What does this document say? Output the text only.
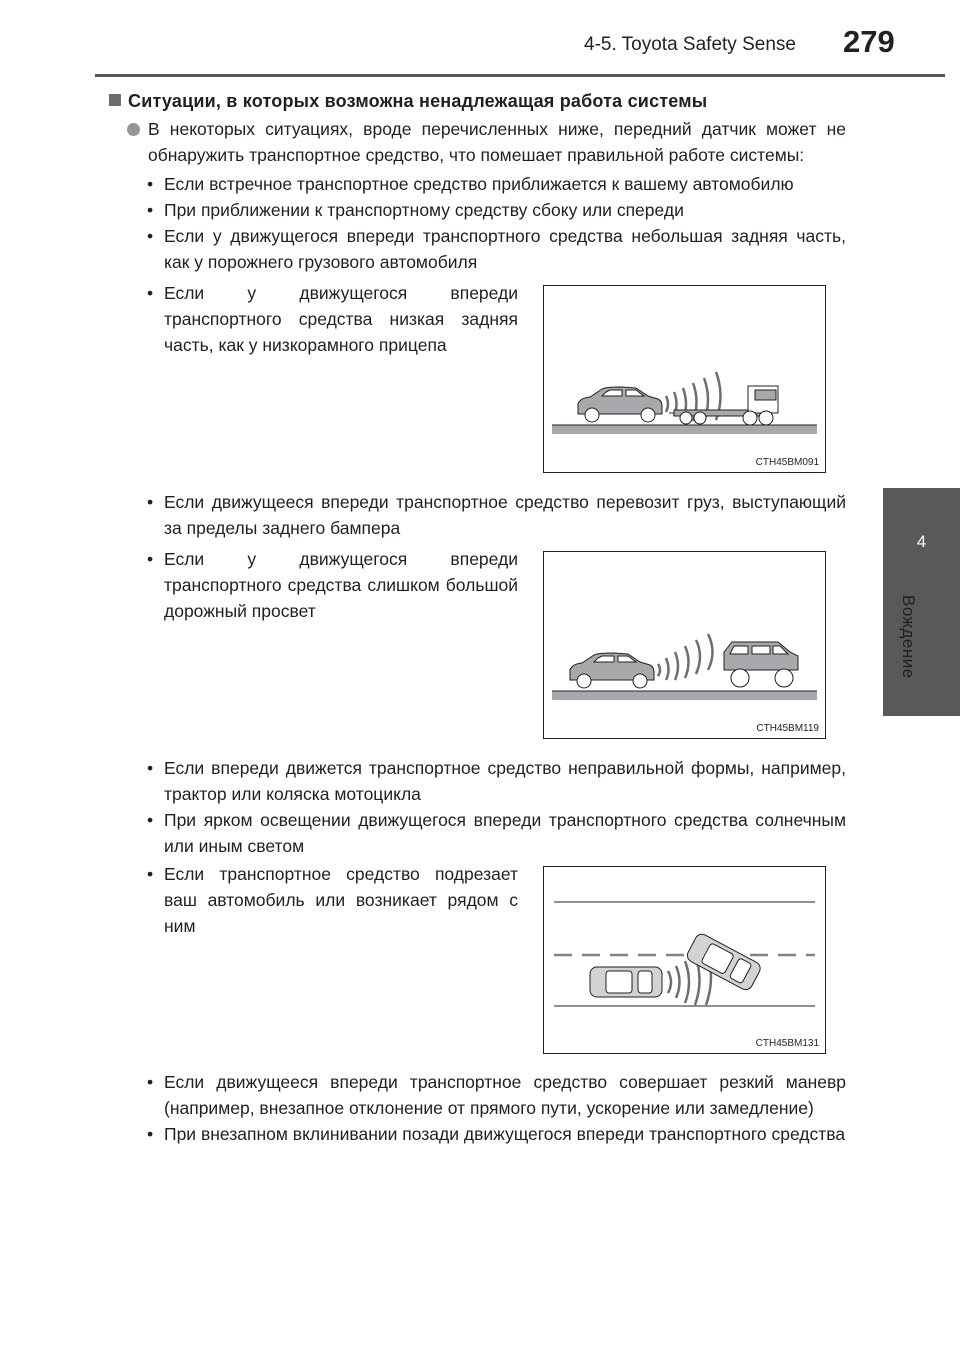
4-5. Toyota Safety Sense 279
4
Вождение
Ситуации, в которых возможна ненадлежащая работа системы

В некоторых ситуациях, вроде перечисленных ниже, передний датчик может не обнаружить транспортное средство, что помешает правильной работе системы:

• Если встречное транспортное средство приближается к вашему автомобилю

• При приближении к транспортному средству сбоку или спереди

• Если у движущегося впереди транспортного средства небольшая задняя часть, как у порожнего грузового автомобиля

• Если у движущегося впереди транспортного средства низкая задняя часть, как у низкорамного прицепа

CTH45BM091

• Если движущееся впереди транспортное средство перевозит груз, выступающий за пределы заднего бампера

• Если у движущегося впереди транспортного средства слишком большой дорожный просвет

CTH45BM119

• Если впереди движется транспортное средство неправильной формы, например, трактор или коляска мотоцикла

• При ярком освещении движущегося впереди транспортного средства солнечным или иным светом

• Если транспортное средство подрезает ваш автомобиль или возникает рядом с ним

CTH45BM131

• Если движущееся впереди транспортное средство совершает резкий маневр (например, внезапное отклонение от прямого пути, ускорение или замедление)

• При внезапном вклинивании позади движущегося впереди транспортного средства
